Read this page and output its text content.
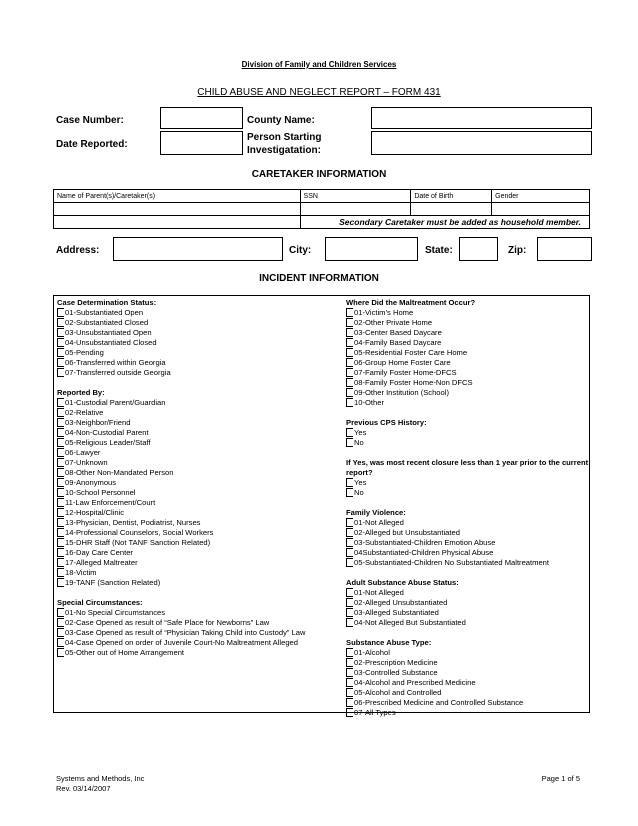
Division of Family and Children Services
CHILD ABUSE AND NEGLECT REPORT – FORM 431
Case Number:
Date Reported:
County Name:
Person Starting
Investigatation:
CARETAKER INFORMATION
Name of Parent(s)/Caretaker(s)	SSN	Date of Birth	Gender

	Secondary Caretaker must be added as household member.		
Address:	City:	State:	Zip:
INCIDENT INFORMATION
Case Determination Status:
01-Substantiated Open
02-Substantiated Closed
03-Unsubstantiated Open
04-Unsubstantiated Closed
05-Pending
06-Transferred within Georgia
07-Transferred outside Georgia
Reported By:
01-Custodial Parent/Guardian
02-Relative
03-Neighbor/Friend
04-Non-Custodial Parent
05-Religious Leader/Staff
06-Lawyer
07-Unknown
08-Other Non-Mandated Person
09-Anonymous
10-School Personnel
11-Law Enforcement/Court
12-Hospital/Clinic
13-Physician, Dentist, Podiatrist, Nurses
14-Professional Counselors, Social Workers
15-DHR Staff (Not TANF Sanction Related)
16-Day Care Center
17-Alleged Maltreater
18-Victim
19-TANF (Sanction Related)
Special Circumstances:
01-No Special Circumstances
02-Case Opened as result of “Safe Place for Newborns” Law
03-Case Opened as result of “Physician Taking Child into Custody” Law
04-Case Opened on order of Juvenile Court-No Maltreatment Alleged
05-Other out of Home Arrangement
Where Did the Maltreatment Occur?
01-Victim’s Home
02-Other Private Home
03-Center Based Daycare
04-Family Based Daycare
05-Residential Foster Care Home
06-Group Home Foster Care
07-Family Foster Home-DFCS
08-Family Foster Home-Non DFCS
09-Other Institution (School)
10-Other
Previous CPS History:
Yes
No
If Yes, was most recent closure less than 1 year prior to the current report?
Yes
No
Family Violence:
01-Not Alleged
02-Alleged but Unsubstantiated
03-Substantiated-Children Emotion Abuse
04Substantiated-Children Physical Abuse
05-Substantiated-Children No Substantiated Maltreatment
Adult Substance Abuse Status:
01-Not Alleged
02-Alleged Unsubstantiated
03-Alleged Substantiated
04-Not Alleged But Substantiated
Substance Abuse Type:
01-Alcohol
02-Prescription Medicine
03-Controlled Substance
04-Alcohol and Prescribed Medicine
05-Alcohol and Controlled
06-Prescribed Medicine and Controlled Substance
07-All Types
Systems and Methods, Inc
Rev. 03/14/2007
Page 1 of 5
